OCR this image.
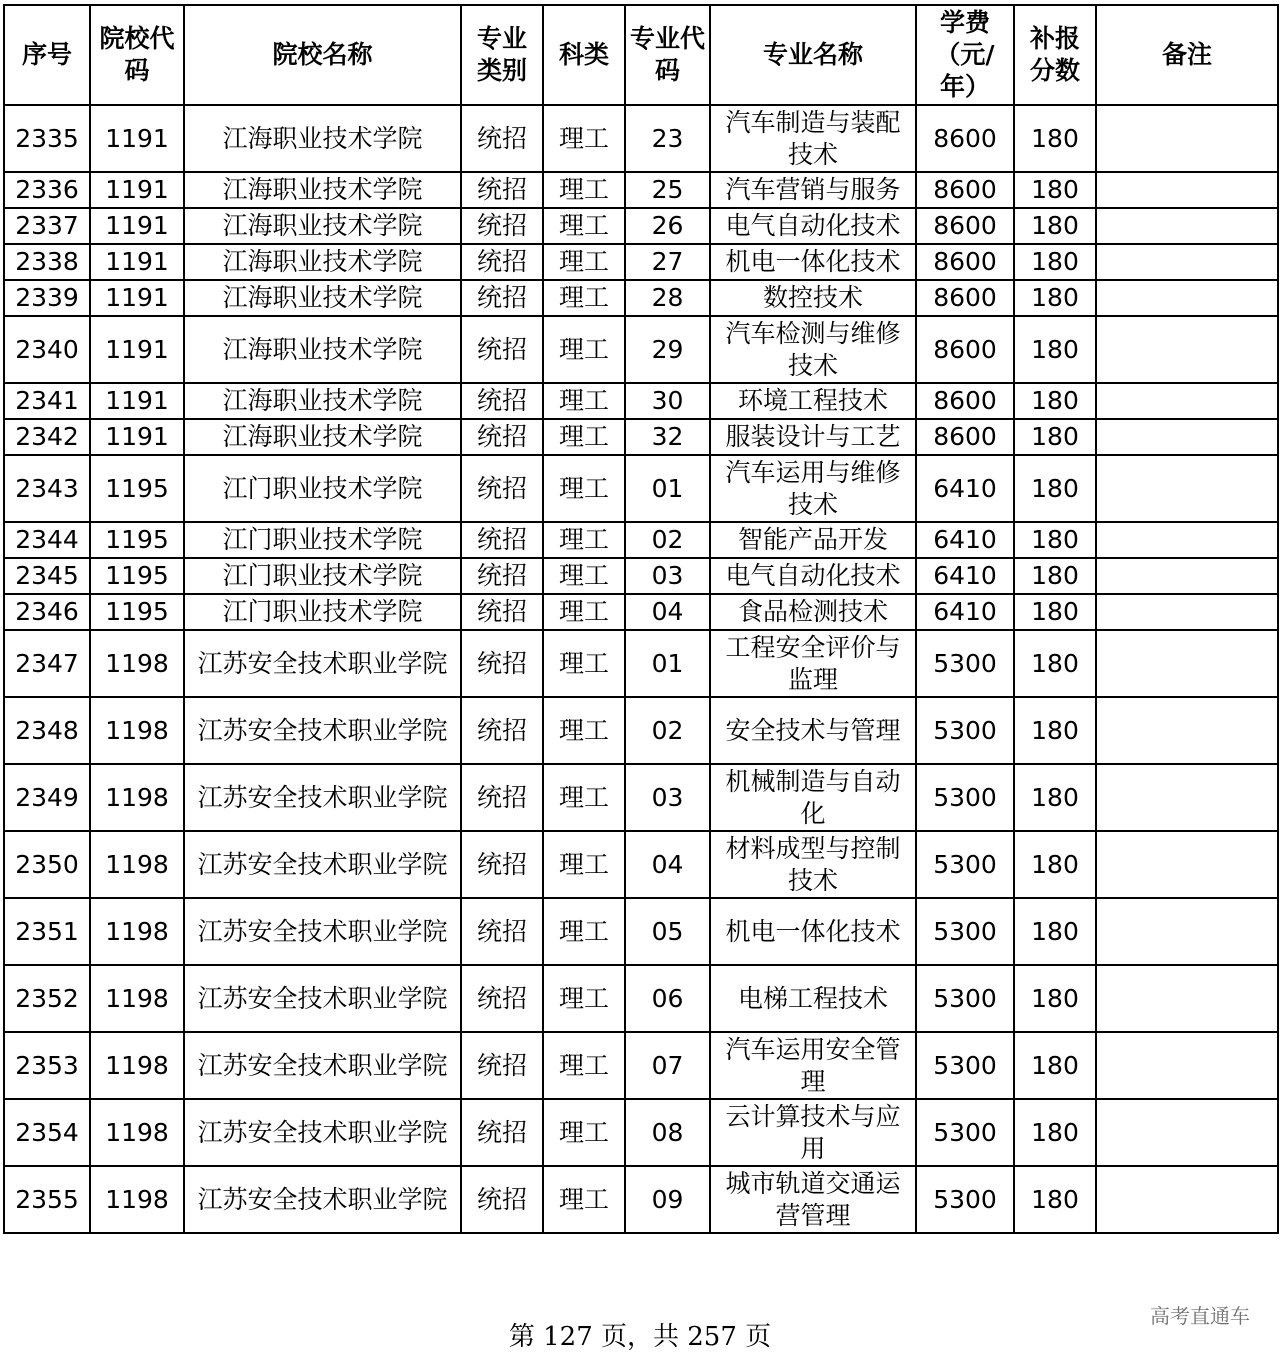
序号	院校代码	院校名称	专业类别	科类	专业代码	专业名称	学费（元/年）	补报分数	备注
2335	1191	江海职业技术学院	统招	理工	23	汽车制造与装配技术	8600	180	
2336	1191	江海职业技术学院	统招	理工	25	汽车营销与服务	8600	180	
2337	1191	江海职业技术学院	统招	理工	26	电气自动化技术	8600	180	
2338	1191	江海职业技术学院	统招	理工	27	机电一体化技术	8600	180	
2339	1191	江海职业技术学院	统招	理工	28	数控技术	8600	180	
2340	1191	江海职业技术学院	统招	理工	29	汽车检测与维修技术	8600	180	
2341	1191	江海职业技术学院	统招	理工	30	环境工程技术	8600	180	
2342	1191	江海职业技术学院	统招	理工	32	服装设计与工艺	8600	180	
2343	1195	江门职业技术学院	统招	理工	01	汽车运用与维修技术	6410	180	
2344	1195	江门职业技术学院	统招	理工	02	智能产品开发	6410	180	
2345	1195	江门职业技术学院	统招	理工	03	电气自动化技术	6410	180	
2346	1195	江门职业技术学院	统招	理工	04	食品检测技术	6410	180	
2347	1198	江苏安全技术职业学院	统招	理工	01	工程安全评价与监理	5300	180	
2348	1198	江苏安全技术职业学院	统招	理工	02	安全技术与管理	5300	180	
2349	1198	江苏安全技术职业学院	统招	理工	03	机械制造与自动化	5300	180	
2350	1198	江苏安全技术职业学院	统招	理工	04	材料成型与控制技术	5300	180	
2351	1198	江苏安全技术职业学院	统招	理工	05	机电一体化技术	5300	180	
2352	1198	江苏安全技术职业学院	统招	理工	06	电梯工程技术	5300	180	
2353	1198	江苏安全技术职业学院	统招	理工	07	汽车运用安全管理	5300	180	
2354	1198	江苏安全技术职业学院	统招	理工	08	云计算技术与应用	5300	180	
2355	1198	江苏安全技术职业学院	统招	理工	09	城市轨道交通运营管理	5300	180	
第 127 页，共 257 页
高考直通车
